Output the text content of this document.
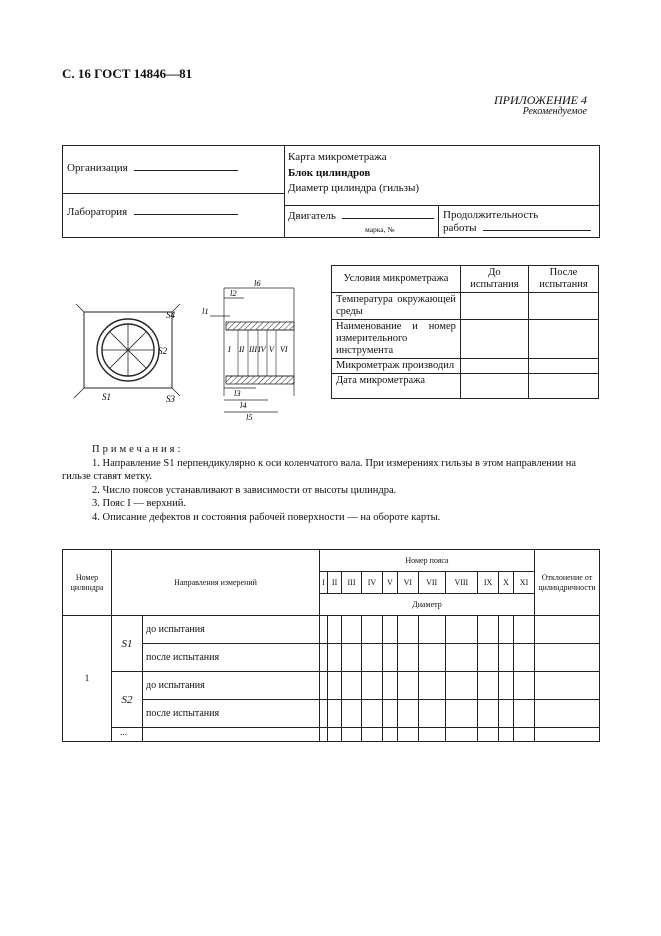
С. 16 ГОСТ 14846—81
ПРИЛОЖЕНИЕ 4
Рекомендуемое
Организация
Лаборатория
Карта микрометража
Блок цилиндров
Диаметр цилиндра (гильзы)
Двигатель
марка, №
Продолжительность
работы
S4
S2
S1	S3
l6
l2
l1
I II III IV V VI
l3
l4
l5
Условия микрометража	До испытания	После испытания
Температура окружающей среды		
Наименование и номер измерительного инструмента		
Микрометраж производил		
Дата микрометража		
Примечания:

1. Направление S1 перпендикулярно к оси коленчатого вала. При измерениях гильзы в этом направлении на гильзе ставят метку.

2. Число поясов устанавливают в зависимости от высоты цилиндра.

3. Пояс I — верхний.

4. Описание дефектов и состояния рабочей поверхности — на обороте карты.

Номер цилиндра	Направления измерений		Номер пояса											Отклонение от цилиндричности
			I	II	III	IV	V	VI	VII	VIII	IX	X	XI	
			Диаметр											
1	S1	до испытания												
		после испытания												
	S2	до испытания												
		после испытания												
	...													
